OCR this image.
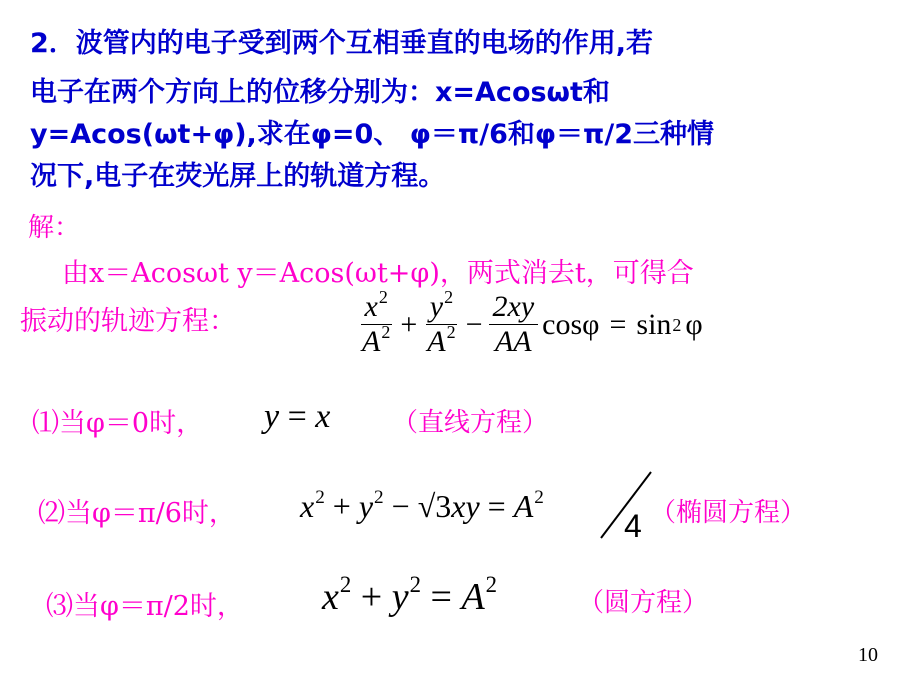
2．波管内的电子受到两个互相垂直的电场的作用,若
电子在两个方向上的位移分别为：x=Acosωt和
y=Acos(ωt+φ),求在φ=0、 φ＝π/6和φ＝π/2三种情
况下,电子在荧光屏上的轨道方程。
解：
由x＝Acosωt y＝Acos(ωt+φ)，两式消去t，可得合
振动的轨迹方程：	$\frac{x^2}{A^2} + \frac{y^2}{A^2} - \frac{2xy}{AA}$ cos φ = sin 2 φ
⑴当φ＝0时， y = x （直线方程）
⑵当φ＝π/6时， $x^2 + y^2 - √3xy = A^2$
4 （椭圆方程）
⑶当φ＝π/2时， $x^2 + y^2 = A^2$
（圆方程）
10
